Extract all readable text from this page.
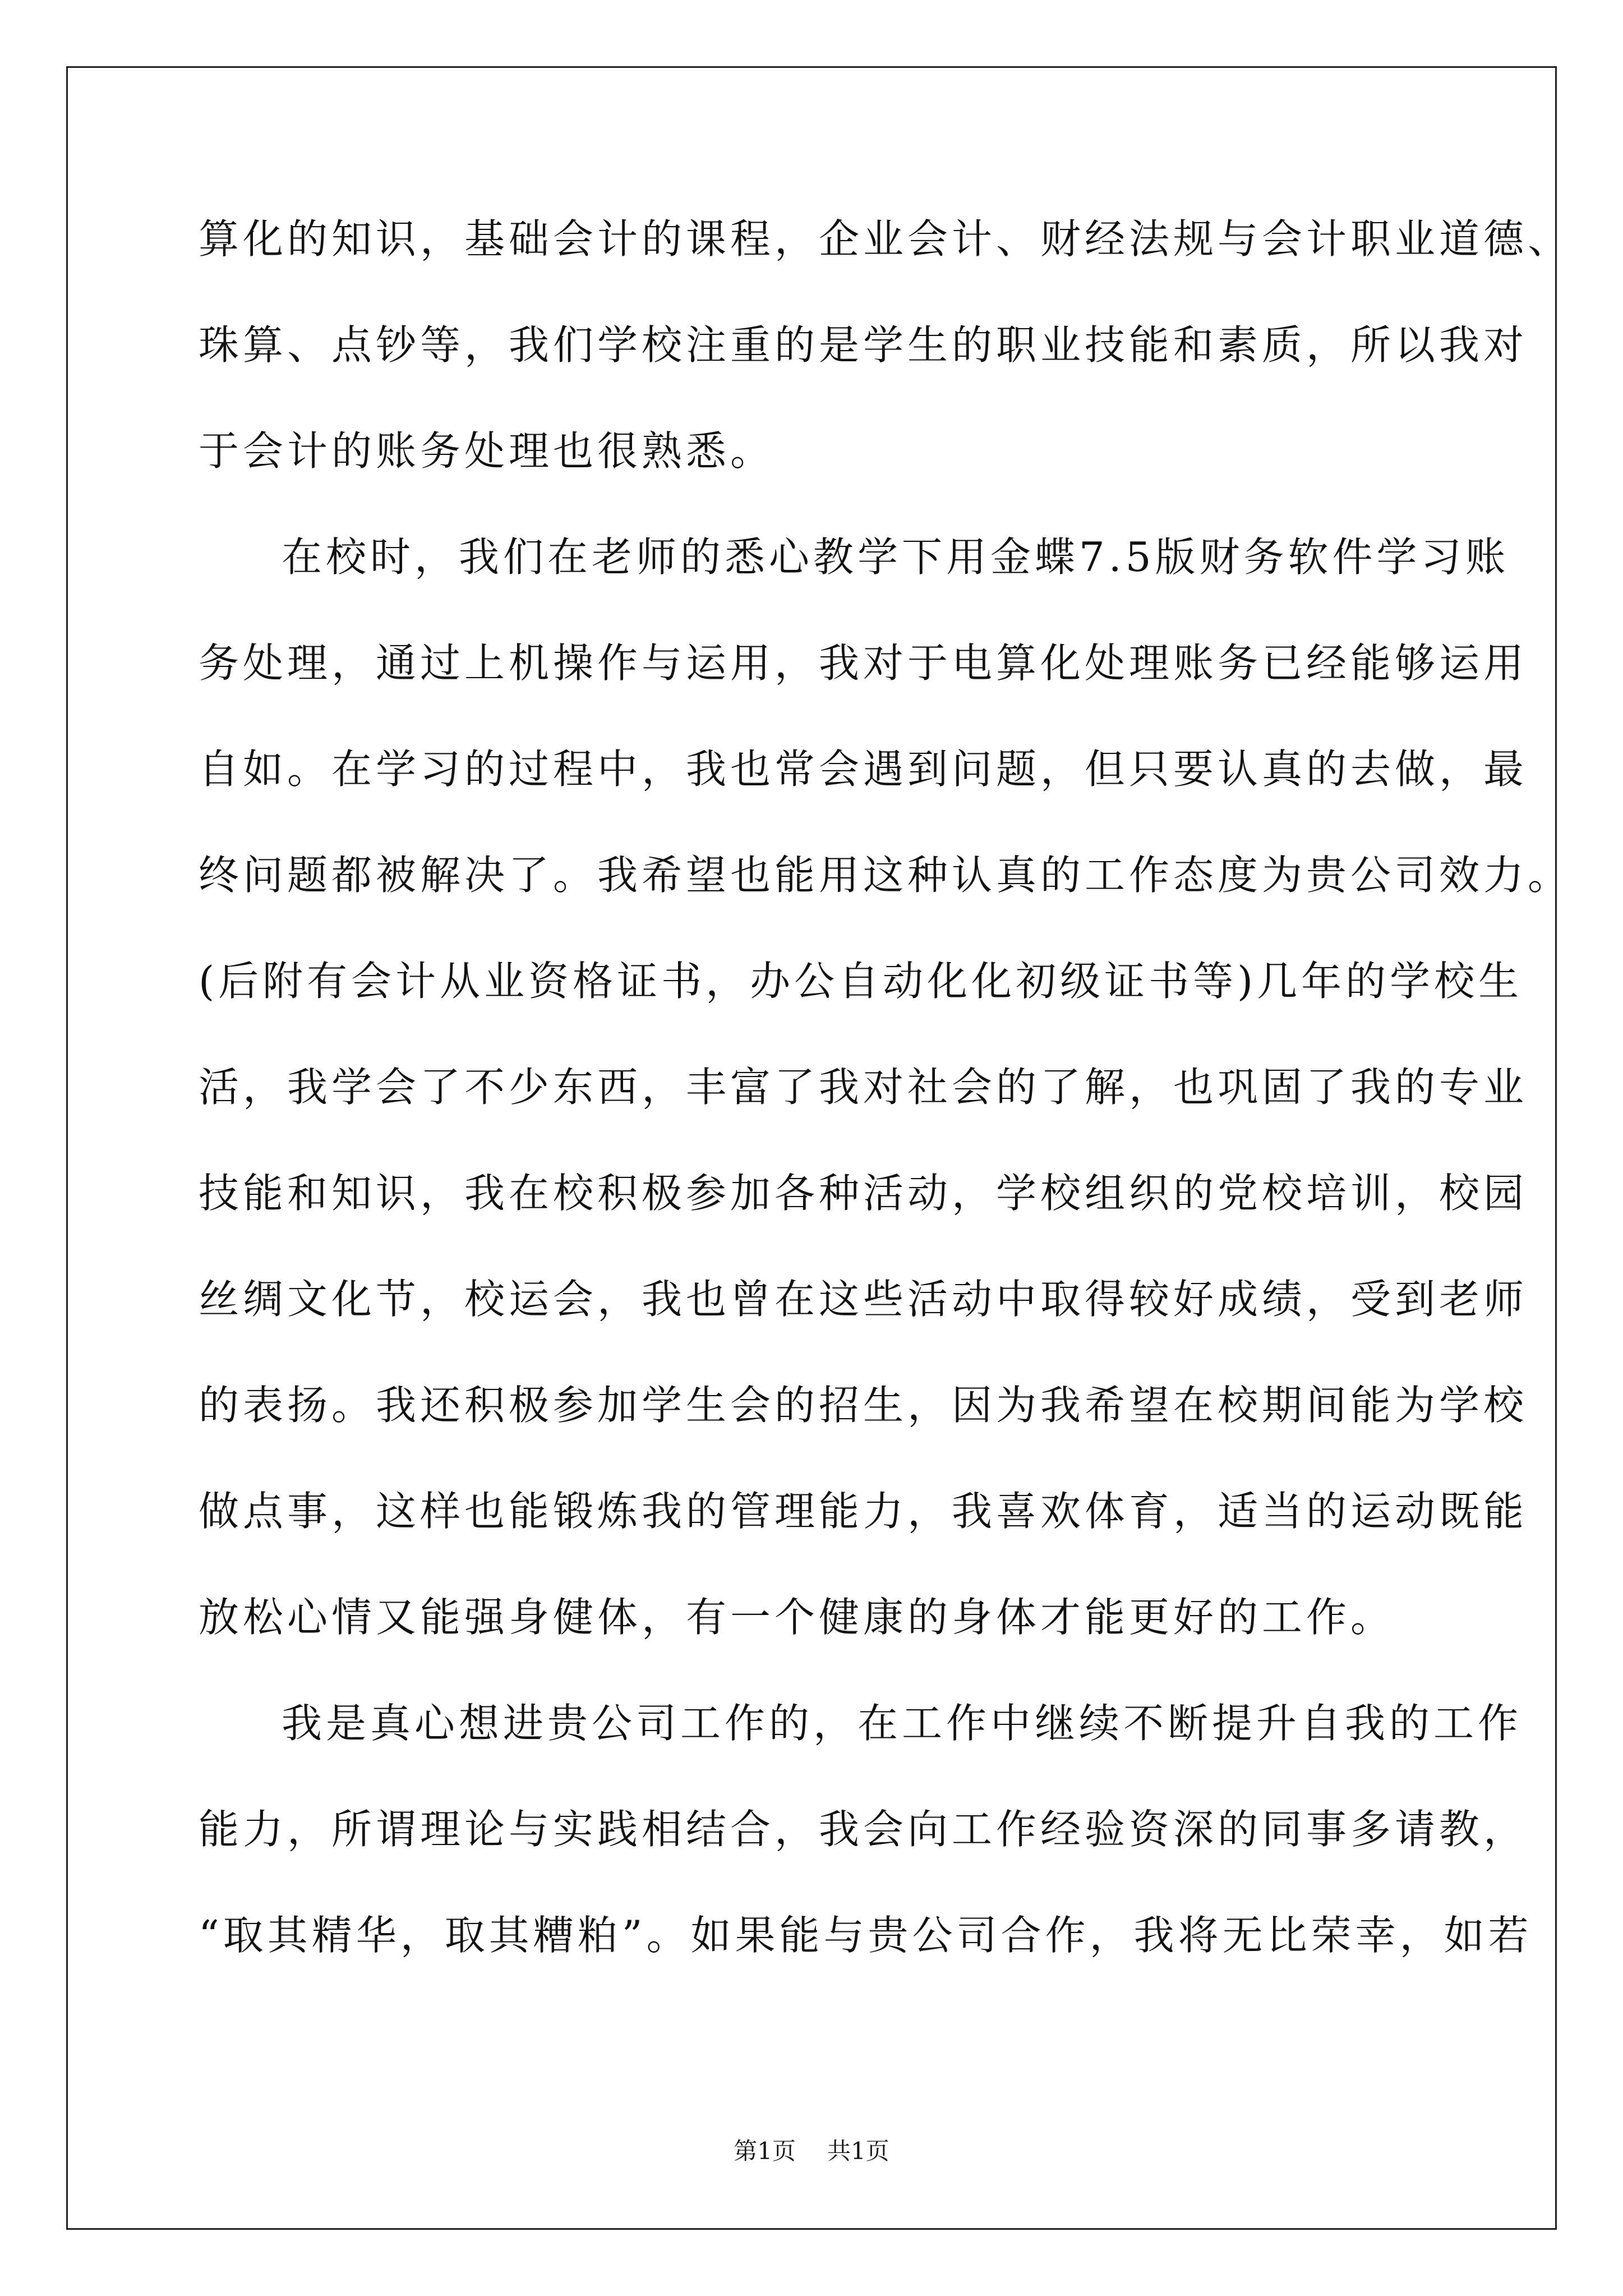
算化的知识，基础会计的课程，企业会计、财经法规与会计职业道德、
珠算、点钞等，我们学校注重的是学生的职业技能和素质，所以我对
于会计的账务处理也很熟悉。
在校时，我们在老师的悉心教学下用金蝶7.5版财务软件学习账
务处理，通过上机操作与运用，我对于电算化处理账务已经能够运用
自如。在学习的过程中，我也常会遇到问题，但只要认真的去做，最
终问题都被解决了。我希望也能用这种认真的工作态度为贵公司效力。
(后附有会计从业资格证书，办公自动化化初级证书等)几年的学校生
活，我学会了不少东西，丰富了我对社会的了解，也巩固了我的专业
技能和知识，我在校积极参加各种活动，学校组织的党校培训，校园
丝绸文化节，校运会，我也曾在这些活动中取得较好成绩，受到老师
的表扬。我还积极参加学生会的招生，因为我希望在校期间能为学校
做点事，这样也能锻炼我的管理能力，我喜欢体育，适当的运动既能
放松心情又能强身健体，有一个健康的身体才能更好的工作。
我是真心想进贵公司工作的，在工作中继续不断提升自我的工作
能力，所谓理论与实践相结合，我会向工作经验资深的同事多请教，
“取其精华，取其糟粕”。如果能与贵公司合作，我将无比荣幸，如若
第1页 共1页
